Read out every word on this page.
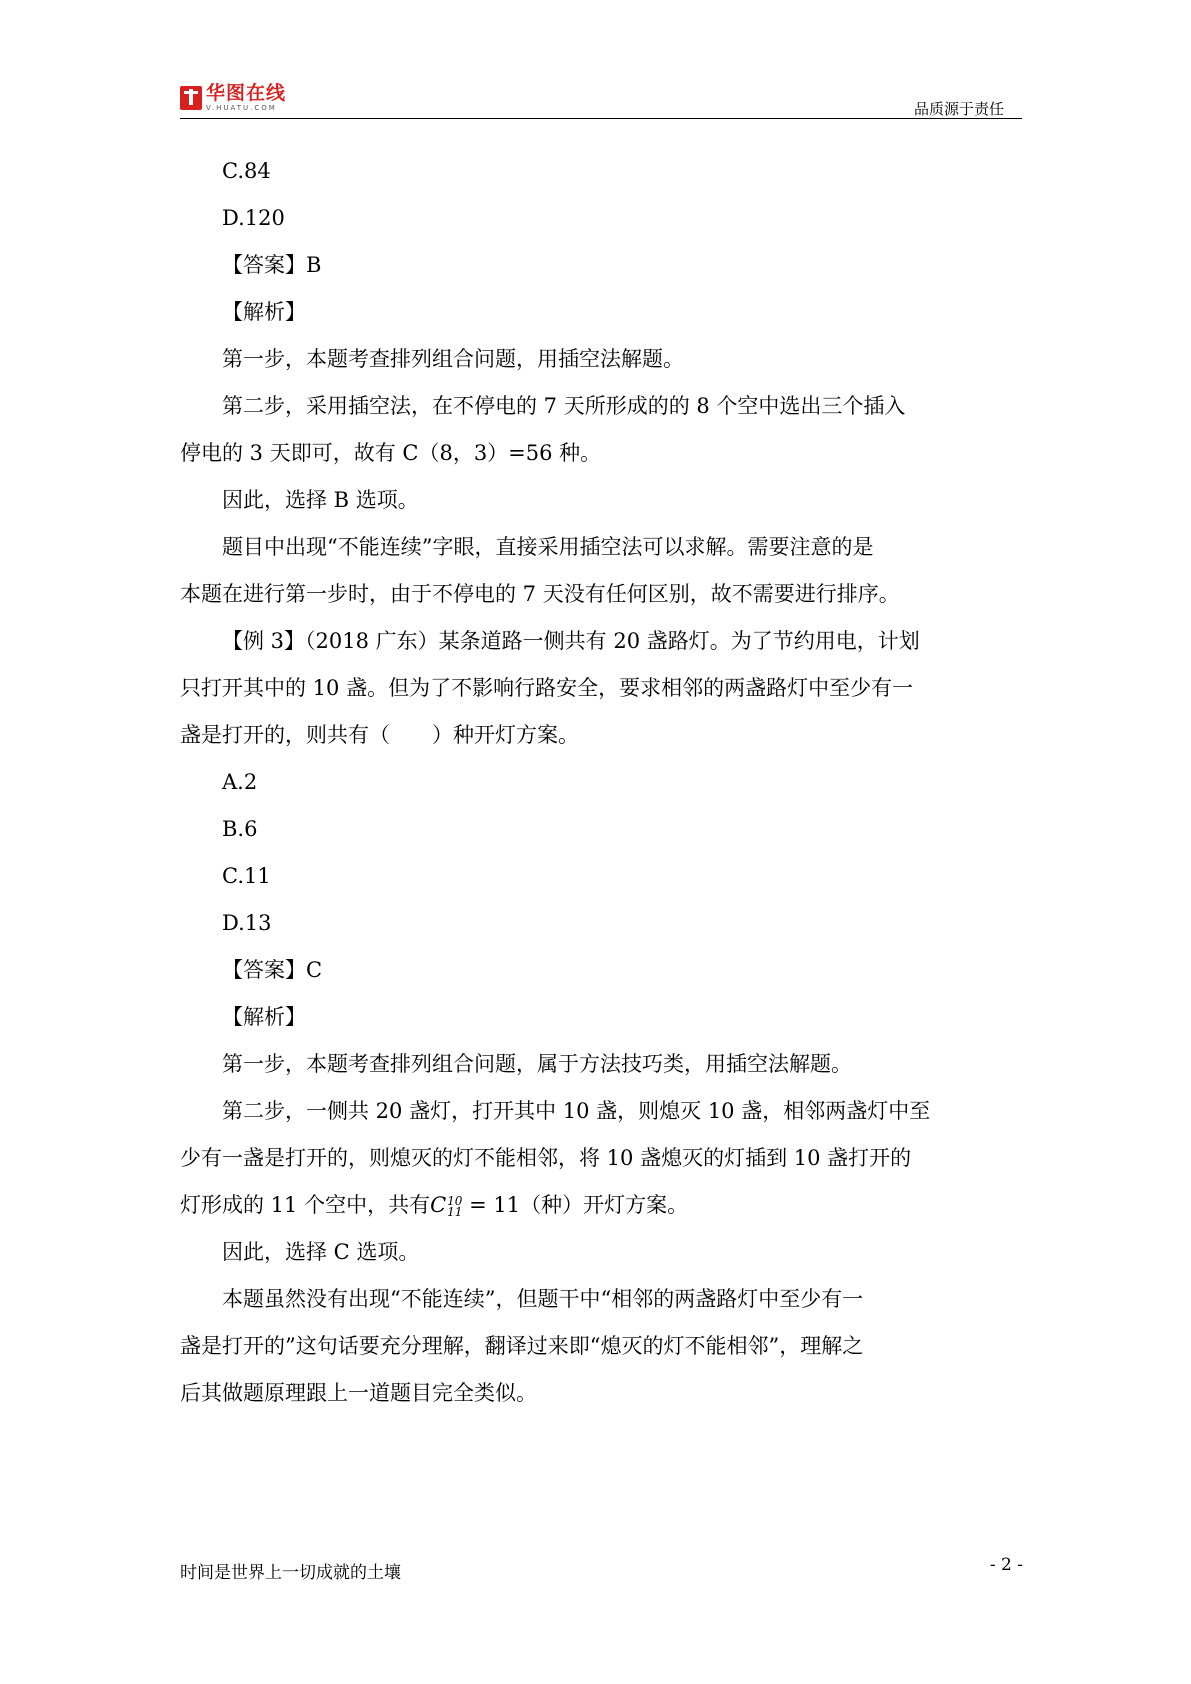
华图在线
V.HUATU.COM	品质源于责任

C.84

D.120

【答案】B

【解析】

第一步，本题考查排列组合问题，用插空法解题。

第二步，采用插空法，在不停电的 7 天所形成的的 8 个空中选出三个插入

停电的 3 天即可，故有 C（8，3）=56 种。

因此，选择 B 选项。

题目中出现“不能连续”字眼，直接采用插空法可以求解。需要注意的是

本题在进行第一步时，由于不停电的 7 天没有任何区别，故不需要进行排序。

【例 3】（2018 广东）某条道路一侧共有 20 盏路灯。为了节约用电，计划

只打开其中的 10 盏。但为了不影响行路安全，要求相邻的两盏路灯中至少有一

盏是打开的，则共有（　　）种开灯方案。

A.2

B.6

C.11

D.13

【答案】C

【解析】

第一步，本题考查排列组合问题，属于方法技巧类，用插空法解题。

第二步，一侧共 20 盏灯，打开其中 10 盏，则熄灭 10 盏，相邻两盏灯中至

少有一盏是打开的，则熄灭的灯不能相邻，将 10 盏熄灭的灯插到 10 盏打开的

灯形成的 11 个空中，共有C 10
11 = 11（种）开灯方案。

因此，选择 C 选项。

本题虽然没有出现“不能连续”，但题干中“相邻的两盏路灯中至少有一

盏是打开的”这句话要充分理解，翻译过来即“熄灭的灯不能相邻”，理解之

后其做题原理跟上一道题目完全类似。

时间是世界上一切成就的土壤	- 2 -
